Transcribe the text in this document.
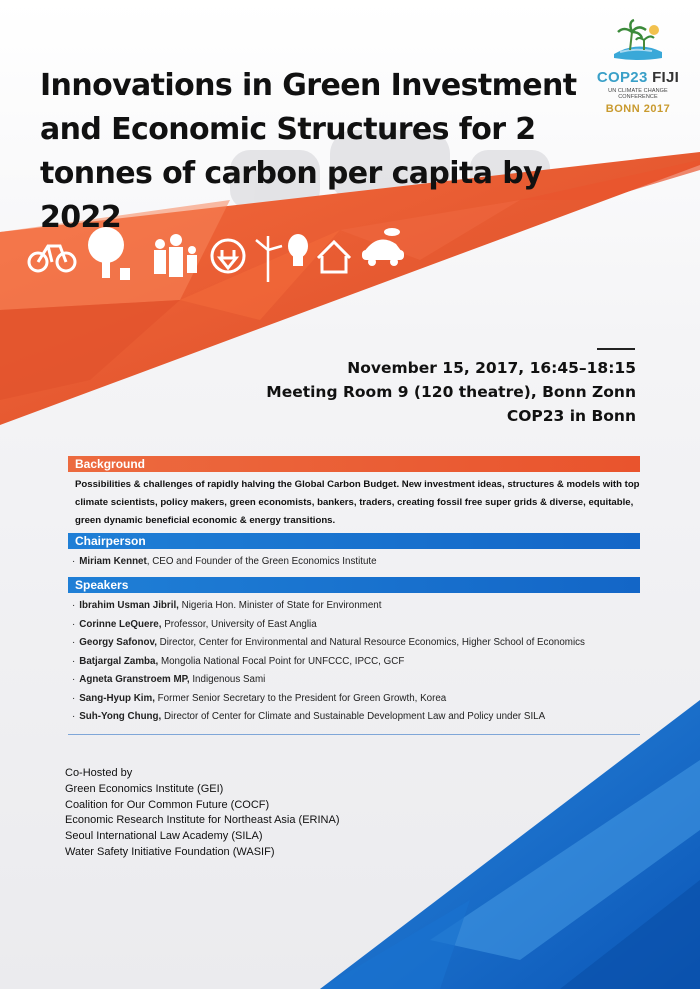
COP23 FIJI
UN CLIMATE CHANGE CONFERENCE
BONN 2017
Innovations in Green Investment and Economic Structures for 2 tonnes of carbon per capita by 2022
November 15, 2017, 16:45–18:15
Meeting Room 9 (120 theatre), Bonn Zonn
COP23 in Bonn
Background

Possibilities & challenges of rapidly halving the Global Carbon Budget. New investment ideas, structures & models with top climate scientists, policy makers, green economists, bankers, traders, creating fossil free super grids & diverse, equitable, green dynamic beneficial economic & energy transitions.

Chairperson
· Miriam Kennet, CEO and Founder of the Green Economics Institute
Speakers
· Ibrahim Usman Jibril, Nigeria Hon. Minister of State for Environment
· Corinne LeQuere, Professor, University of East Anglia
· Georgy Safonov, Director, Center for Environmental and Natural Resource Economics, Higher School of Economics
· Batjargal Zamba, Mongolia National Focal Point for UNFCCC, IPCC, GCF
· Agneta Granstroem MP, Indigenous Sami
· Sang-Hyup Kim, Former Senior Secretary to the President for Green Growth, Korea
· Suh-Yong Chung, Director of Center for Climate and Sustainable Development Law and Policy under SILA
Co-Hosted by
Green Economics Institute (GEI)
Coalition for Our Common Future (COCF)
Economic Research Institute for Northeast Asia (ERINA)
Seoul International Law Academy (SILA)
Water Safety Initiative Foundation (WASIF)
